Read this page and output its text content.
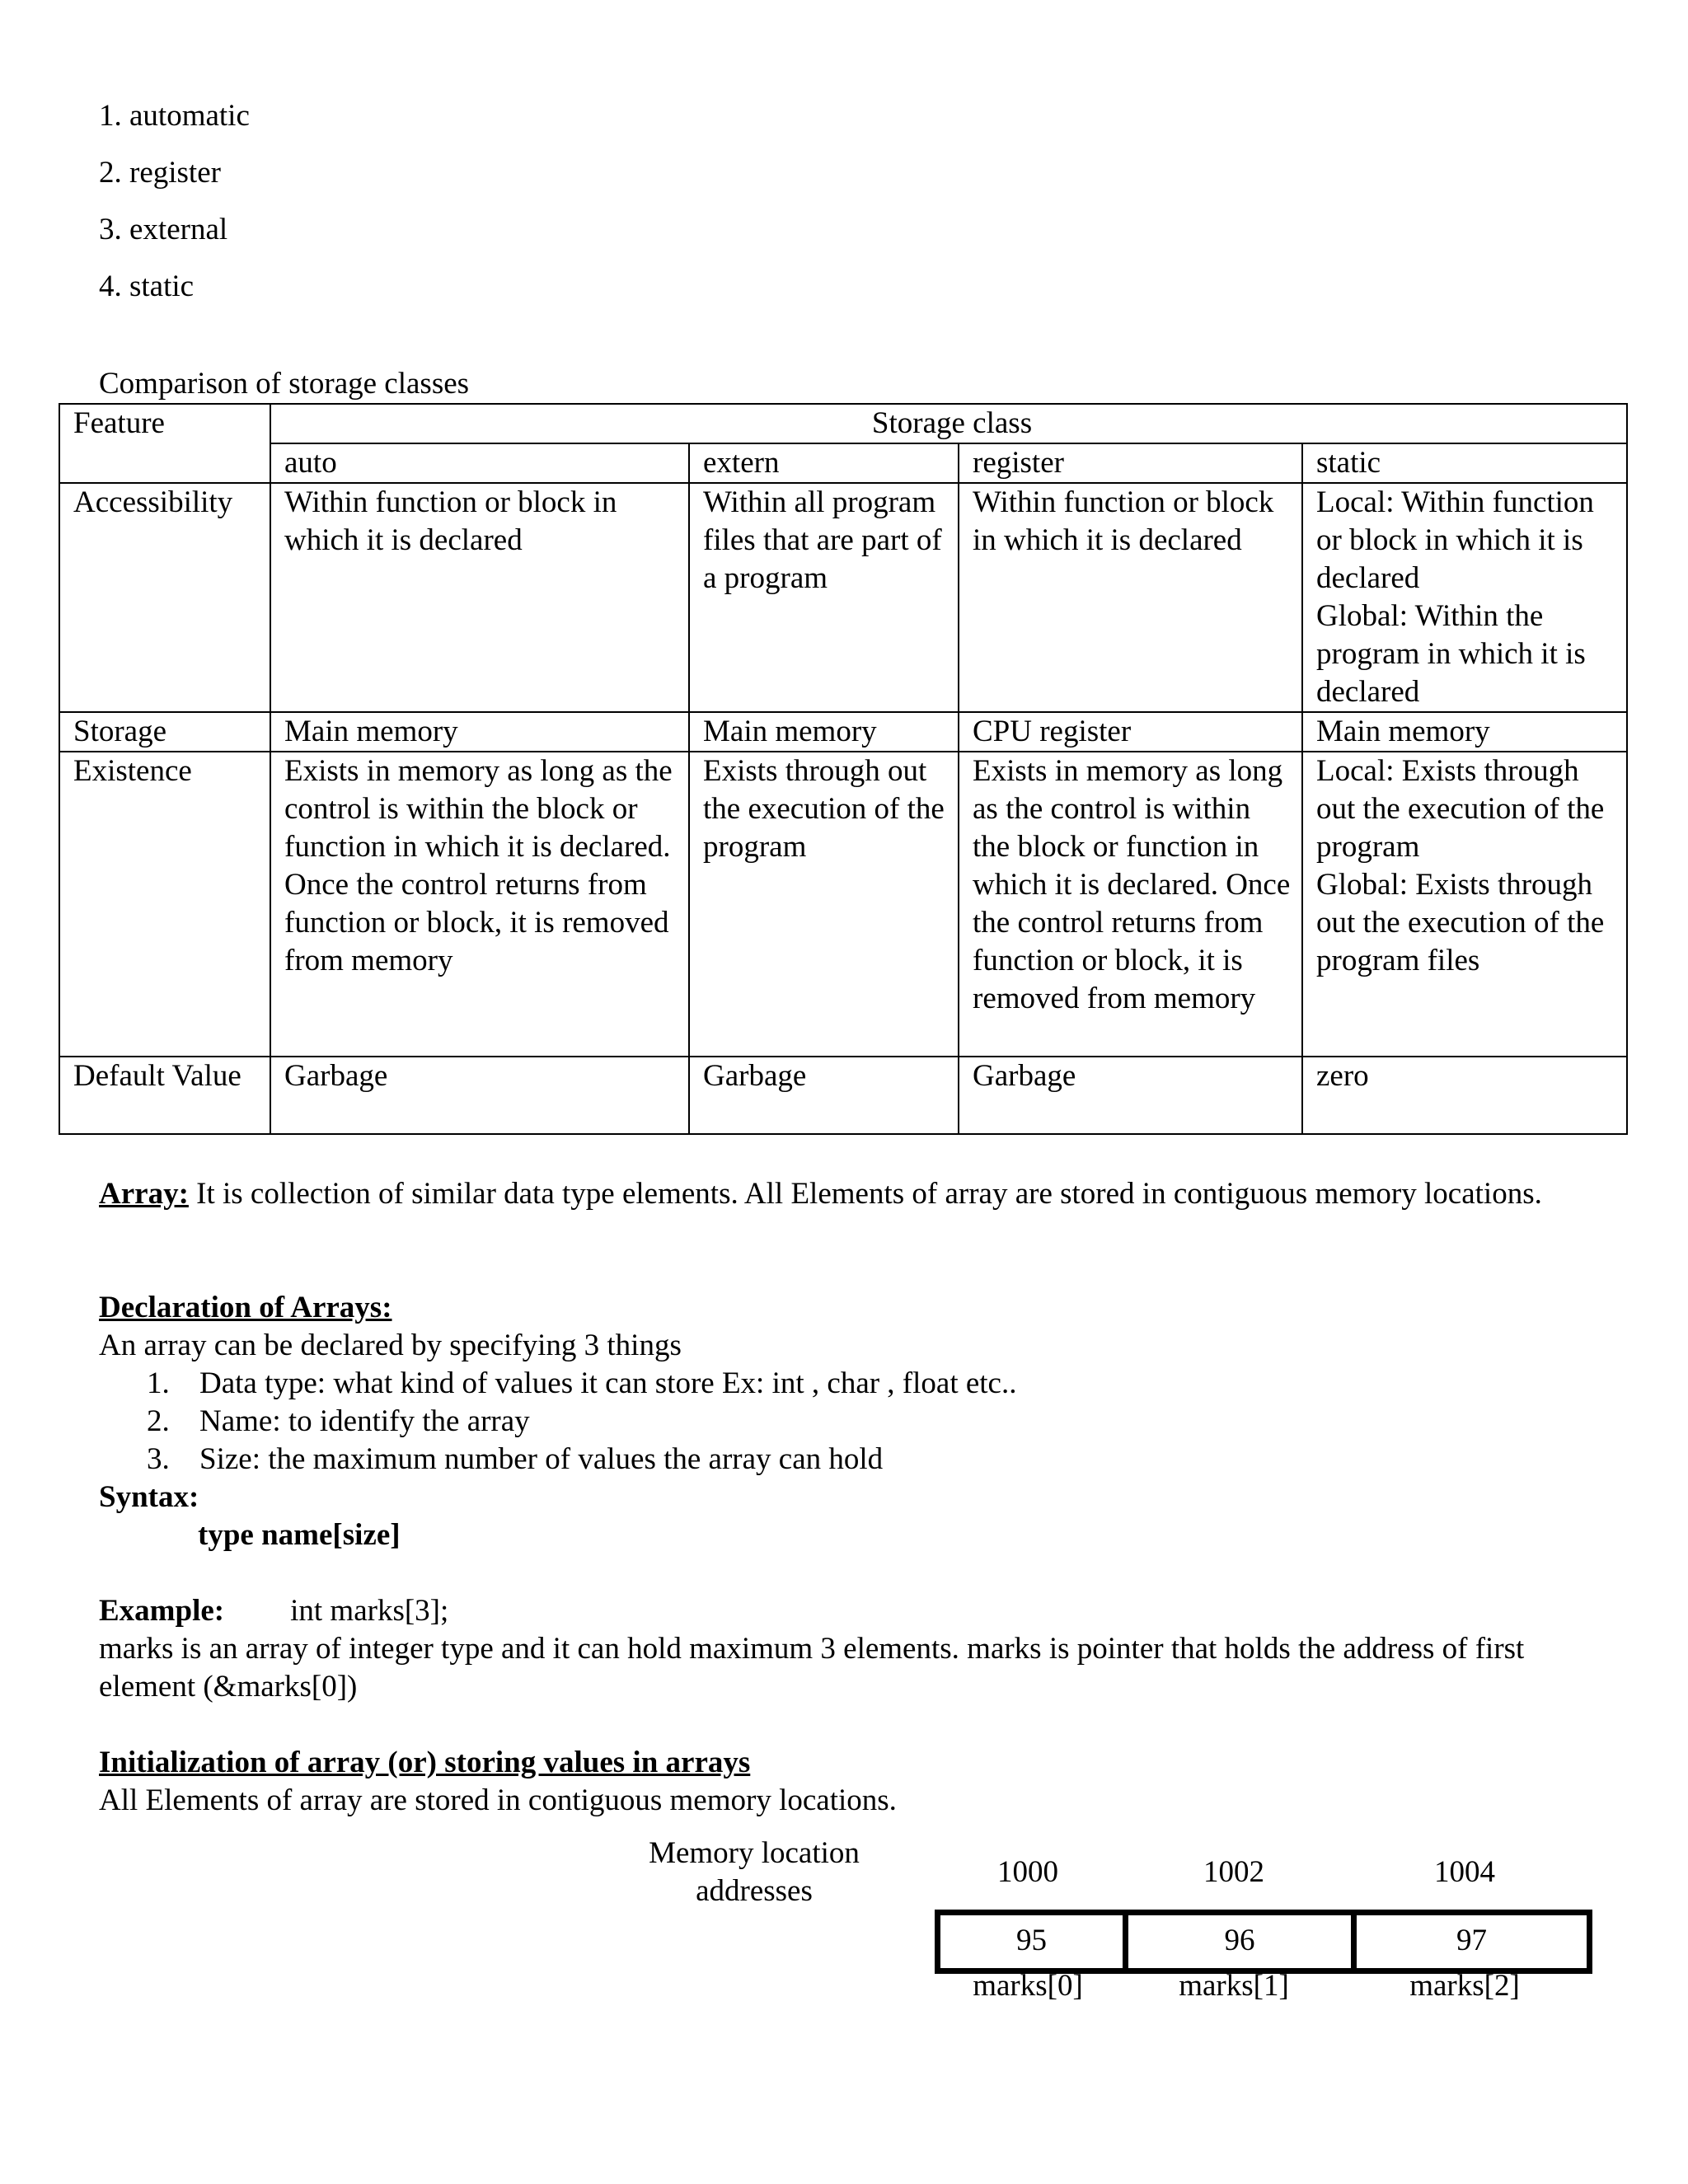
1. automatic
2. register
3. external
4. static
Comparison of storage classes
Feature	Storage class			
	auto	extern	register	static
Accessibility	Within function or block in which it is declared	Within all program files that are part of a program	Within function or block in which it is declared	Local: Within function or block in which it is declared
Global: Within the program in which it is declared

Storage	Main memory	Main memory	CPU register	Main memory
Existence	Exists in memory as long as the control is within the block or function in which it is declared. Once the control returns from function or block, it is removed from memory	Exists through out the execution of the program	Exists in memory as long as the control is within the block or function in which it is declared. Once the control returns from function or block, it is removed from memory	Local: Exists through out the execution of the program
Global: Exists through out the execution of the program files

Default Value	Garbage	Garbage	Garbage	zero
Array: It is collection of similar data type elements. All Elements of array are stored in contiguous memory locations.
Declaration of Arrays:
An array can be declared by specifying 3 things
1. Data type: what kind of values it can store Ex: int , char , float etc..
2. Name: to identify the array
3. Size: the maximum number of values the array can hold
Syntax:
type name[size]
Example: int marks[3];
marks is an array of integer type and it can hold maximum 3 elements. marks is pointer that holds the address of first element (&marks[0])
Initialization of array (or) storing values in arrays
All Elements of array are stored in contiguous memory locations.
Memory location addresses
1000	1002	1004
95	96	97
marks[0]	marks[1]	marks[2]
